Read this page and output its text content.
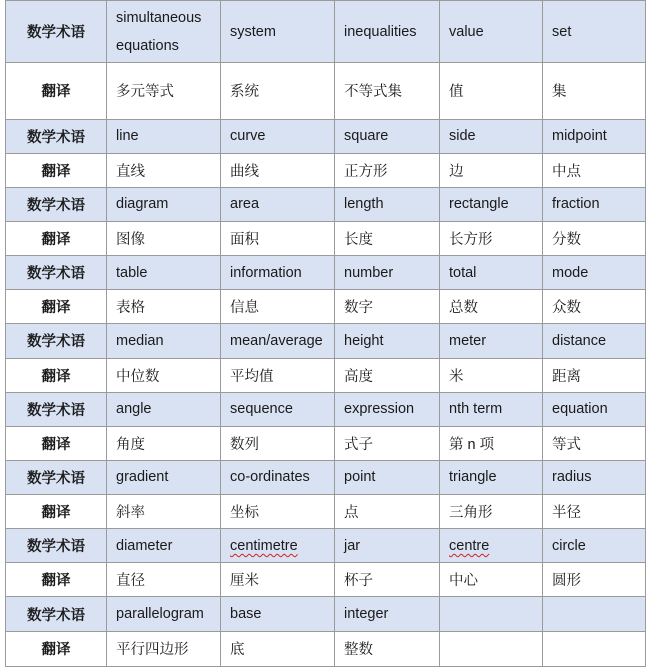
数学术语	simultaneous equations	system	inequalities	value	set
翻译	多元等式	系统	不等式集	值	集
数学术语	line	curve	square	side	midpoint
翻译	直线	曲线	正方形	边	中点
数学术语	diagram	area	length	rectangle	fraction
翻译	图像	面积	长度	长方形	分数
数学术语	table	information	number	total	mode
翻译	表格	信息	数字	总数	众数
数学术语	median	mean/average	height	meter	distance
翻译	中位数	平均值	高度	米	距离
数学术语	angle	sequence	expression	nth term	equation
翻译	角度	数列	式子	第 n 项	等式
数学术语	gradient	co-ordinates	point	triangle	radius
翻译	斜率	坐标	点	三角形	半径
数学术语	diameter	centimetre	jar	centre	circle
翻译	直径	厘米	杯子	中心	圆形
数学术语	parallelogram	base	integer		
翻译	平行四边形	底	整数		
